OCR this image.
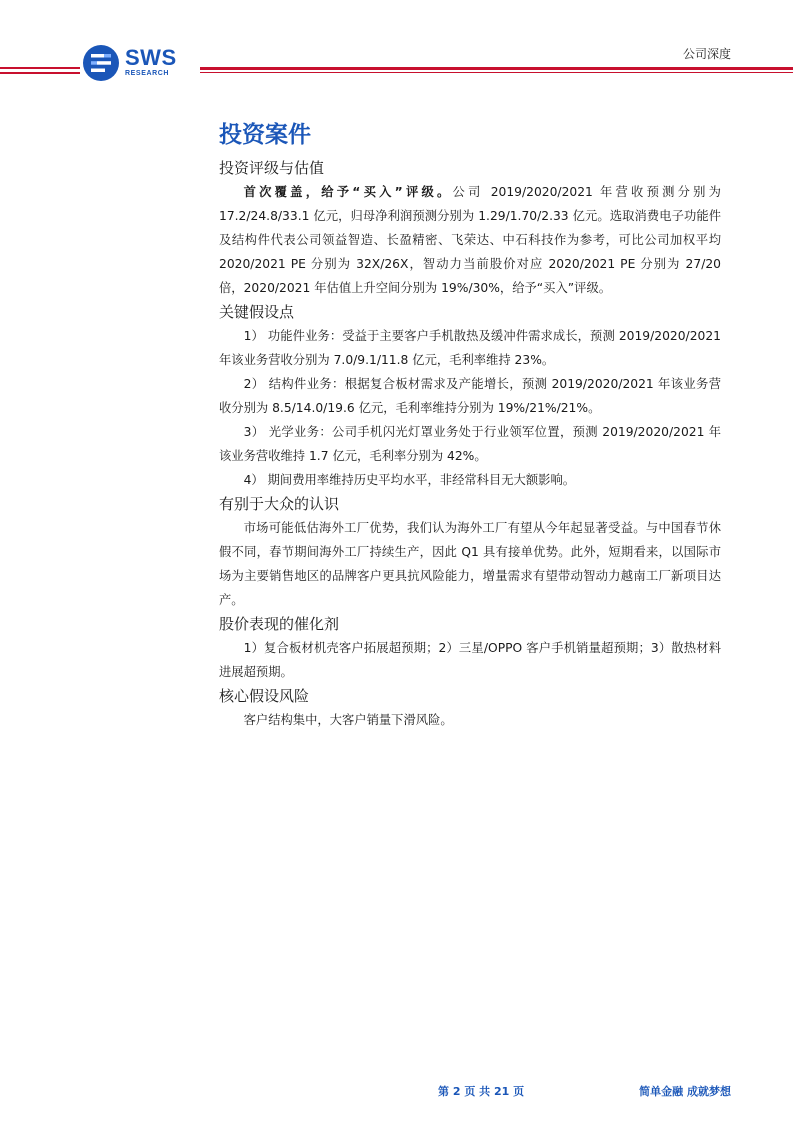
SWS
RESEARCH
公司深度
投资案件
投资评级与估值

首次覆盖，给予“买入”评级。公司 2019/2020/2021 年营收预测分别为 17.2/24.8/33.1 亿元，归母净利润预测分别为 1.29/1.70/2.33 亿元。选取消费电子功能件及结构件代表公司领益智造、长盈精密、飞荣达、中石科技作为参考，可比公司加权平均 2020/2021 PE 分别为 32X/26X，智动力当前股价对应 2020/2021 PE 分别为 27/20 倍，2020/2021 年估值上升空间分别为 19%/30%，给予“买入”评级。

关键假设点

1） 功能件业务：受益于主要客户手机散热及缓冲件需求成长，预测 2019/2020/2021 年该业务营收分别为 7.0/9.1/11.8 亿元，毛利率维持 23%。

2） 结构件业务：根据复合板材需求及产能增长，预测 2019/2020/2021 年该业务营收分别为 8.5/14.0/19.6 亿元，毛利率维持分别为 19%/21%/21%。

3） 光学业务：公司手机闪光灯罩业务处于行业领军位置，预测 2019/2020/2021 年该业务营收维持 1.7 亿元，毛利率分别为 42%。

4） 期间费用率维持历史平均水平，非经常科目无大额影响。

有别于大众的认识

市场可能低估海外工厂优势，我们认为海外工厂有望从今年起显著受益。与中国春节休假不同，春节期间海外工厂持续生产，因此 Q1 具有接单优势。此外，短期看来，以国际市场为主要销售地区的品牌客户更具抗风险能力，增量需求有望带动智动力越南工厂新项目达产。

股价表现的催化剂

1）复合板材机壳客户拓展超预期；2）三星/OPPO 客户手机销量超预期；3）散热材料进展超预期。

核心假设风险

客户结构集中，大客户销量下滑风险。

第 2 页 共 21 页	简单金融 成就梦想
